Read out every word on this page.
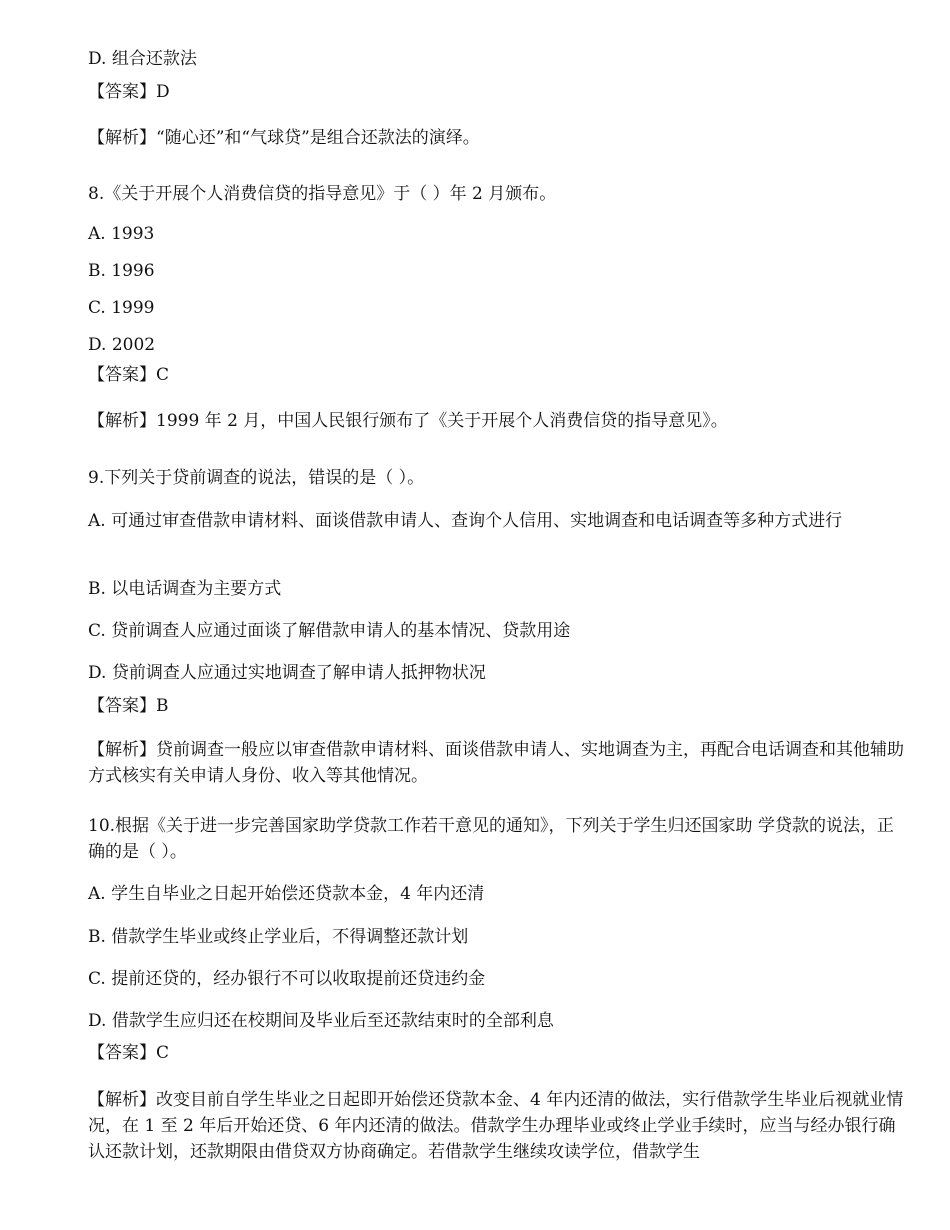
D. 组合还款法
【答案】D
【解析】“随心还”和“气球贷”是组合还款法的演绎。
8.《关于开展个人消费信贷的指导意见》于（ ）年 2 月颁布。
A. 1993
B. 1996
C. 1999
D. 2002
【答案】C
【解析】1999 年 2 月，中国人民银行颁布了《关于开展个人消费信贷的指导意见》。
9.下列关于贷前调查的说法，错误的是（ ）。
A. 可通过审查借款申请材料、面谈借款申请人、查询个人信用、实地调查和电话调查等多种方式进行
B. 以电话调查为主要方式
C. 贷前调查人应通过面谈了解借款申请人的基本情况、贷款用途
D. 贷前调查人应通过实地调查了解申请人抵押物状况
【答案】B
【解析】贷前调查一般应以审查借款申请材料、面谈借款申请人、实地调查为主，再配合电话调查和其他辅助方式核实有关申请人身份、收入等其他情况。
10.根据《关于进一步完善国家助学贷款工作若干意见的通知》，下列关于学生归还国家助 学贷款的说法，正确的是（ ）。
A. 学生自毕业之日起开始偿还贷款本金，4 年内还清
B. 借款学生毕业或终止学业后，不得调整还款计划
C. 提前还贷的，经办银行不可以收取提前还贷违约金
D. 借款学生应归还在校期间及毕业后至还款结束时的全部利息
【答案】C
【解析】改变目前自学生毕业之日起即开始偿还贷款本金、4 年内还清的做法，实行借款学生毕业后视就业情况，在 1 至 2 年后开始还贷、6 年内还清的做法。借款学生办理毕业或终止学业手续时，应当与经办银行确认还款计划，还款期限由借贷双方协商确定。若借款学生继续攻读学位，借款学生
